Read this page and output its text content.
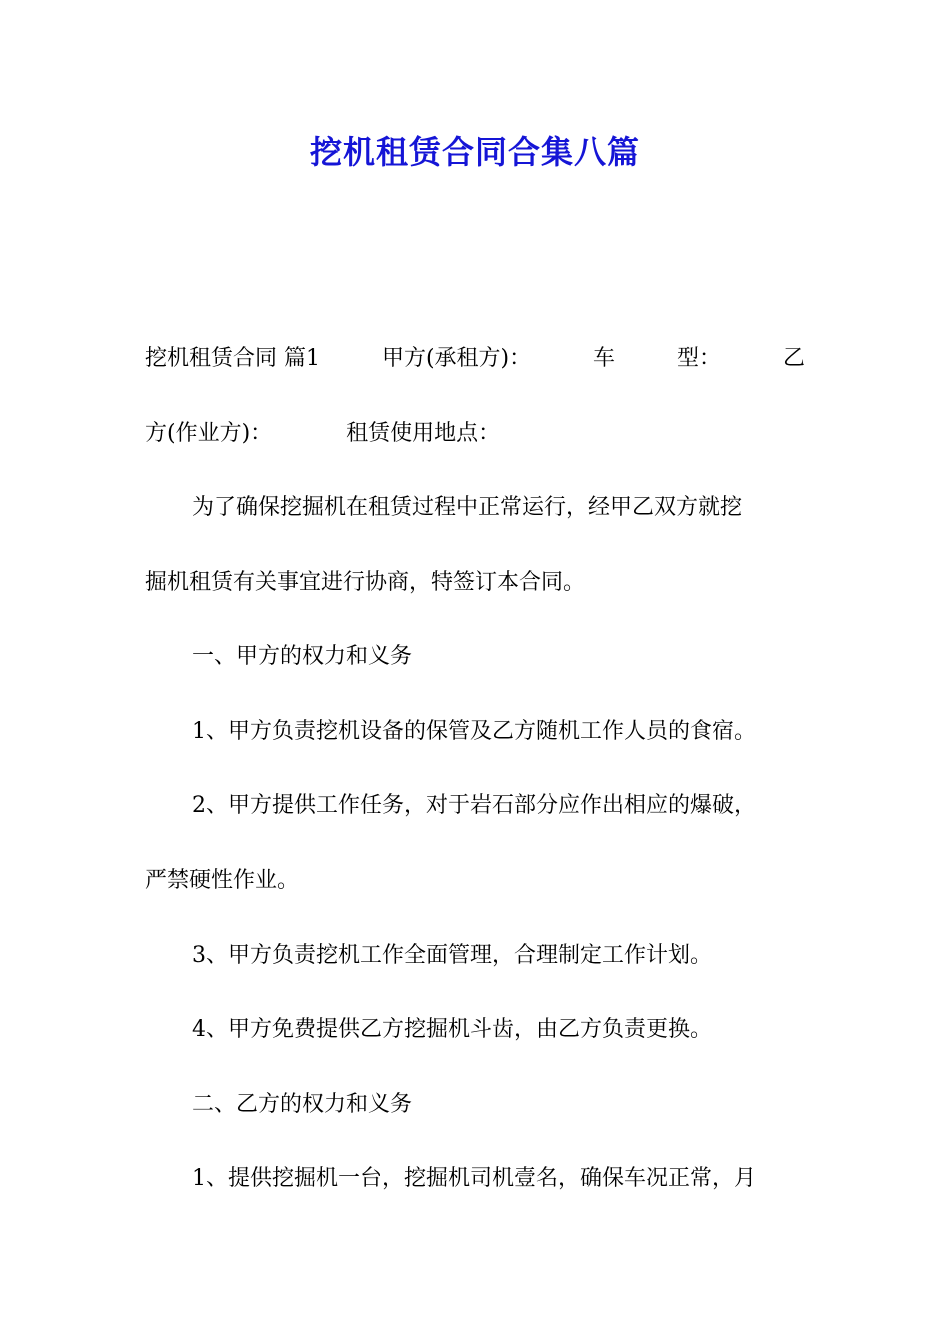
挖机租赁合同合集八篇
挖机租赁合同 篇1	甲方(承租方)：	车	型：	乙
方(作业方)：	租赁使用地点：
为了确保挖掘机在租赁过程中正常运行，经甲乙双方就挖
掘机租赁有关事宜进行协商，特签订本合同。
一、甲方的权力和义务
1、甲方负责挖机设备的保管及乙方随机工作人员的食宿。
2、甲方提供工作任务，对于岩石部分应作出相应的爆破，
严禁硬性作业。
3、甲方负责挖机工作全面管理，合理制定工作计划。
4、甲方免费提供乙方挖掘机斗齿，由乙方负责更换。
二、乙方的权力和义务
1、提供挖掘机一台，挖掘机司机壹名，确保车况正常，月
